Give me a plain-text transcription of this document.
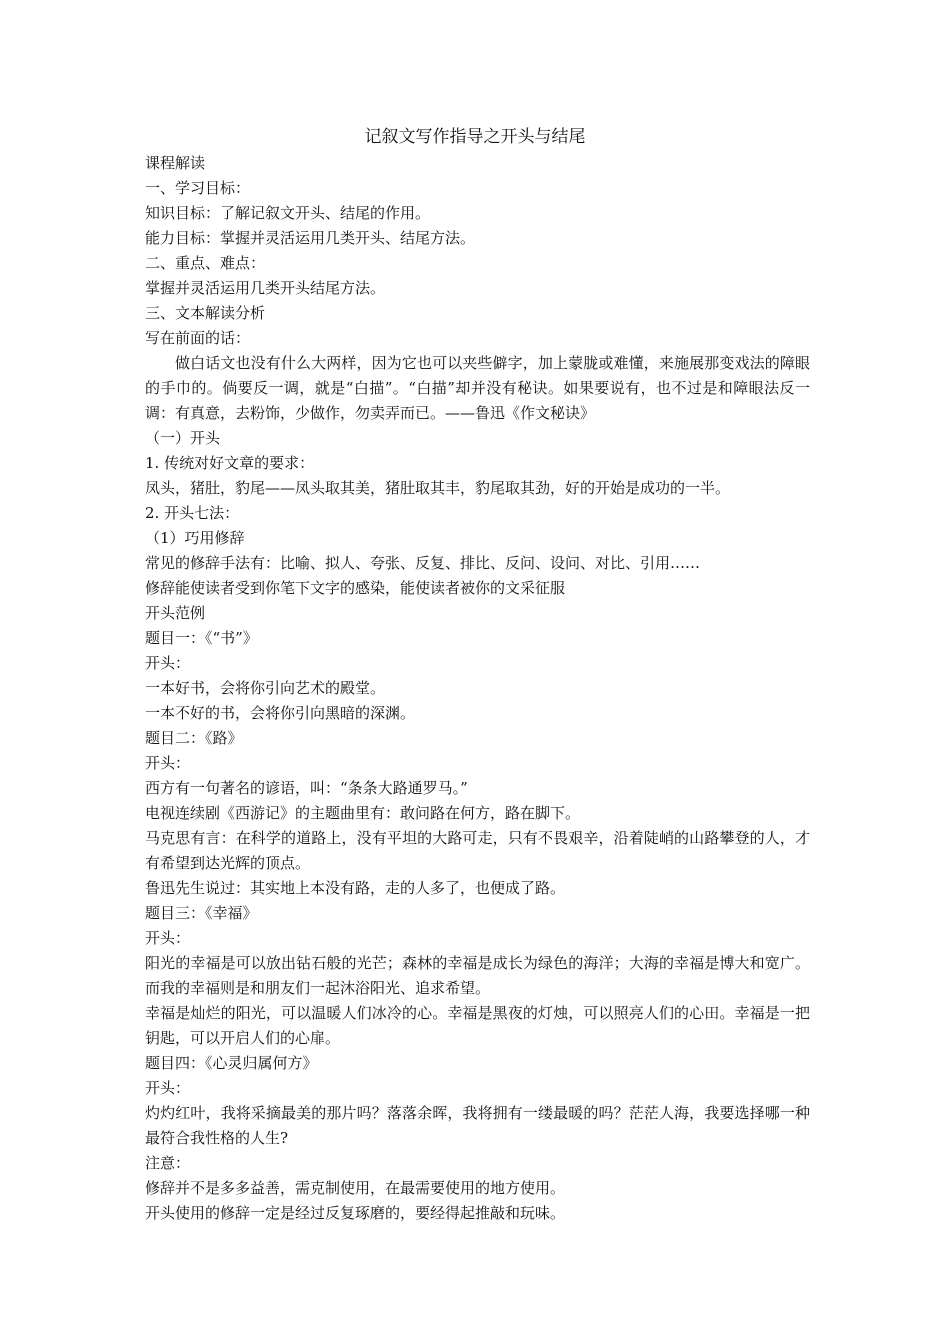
记叙文写作指导之开头与结尾
课程解读
一、学习目标：
知识目标：了解记叙文开头、结尾的作用。
能力目标：掌握并灵活运用几类开头、结尾方法。
二、重点、难点：
掌握并灵活运用几类开头结尾方法。
三、文本解读分析
写在前面的话：
做白话文也没有什么大两样，因为它也可以夹些僻字，加上蒙胧或难懂，来施展那变戏法的障眼的手巾的。倘要反一调，就是“白描”。“白描”却并没有秘诀。如果要说有，也不过是和障眼法反一调：有真意，去粉饰，少做作，勿卖弄而已。——鲁迅《作文秘诀》
（一）开头
1. 传统对好文章的要求：
凤头，猪肚，豹尾——凤头取其美，猪肚取其丰，豹尾取其劲，好的开始是成功的一半。
2. 开头七法：
（1）巧用修辞
常见的修辞手法有：比喻、拟人、夸张、反复、排比、反问、设问、对比、引用……
修辞能使读者受到你笔下文字的感染，能使读者被你的文采征服
开头范例
题目一：《“书”》
开头：
一本好书，会将你引向艺术的殿堂。
一本不好的书，会将你引向黑暗的深渊。
题目二：《路》
开头：
西方有一句著名的谚语，叫：“条条大路通罗马。”
电视连续剧《西游记》的主题曲里有：敢问路在何方，路在脚下。
马克思有言：在科学的道路上，没有平坦的大路可走，只有不畏艰辛，沿着陡峭的山路攀登的人，才有希望到达光辉的顶点。
鲁迅先生说过：其实地上本没有路，走的人多了，也便成了路。
题目三：《幸福》
开头：
阳光的幸福是可以放出钻石般的光芒；森林的幸福是成长为绿色的海洋；大海的幸福是博大和宽广。而我的幸福则是和朋友们一起沐浴阳光、追求希望。
幸福是灿烂的阳光，可以温暖人们冰冷的心。幸福是黑夜的灯烛，可以照亮人们的心田。幸福是一把钥匙，可以开启人们的心扉。
题目四：《心灵归属何方》
开头：
灼灼红叶，我将采摘最美的那片吗？落落余晖，我将拥有一缕最暖的吗？茫茫人海，我要选择哪一种最符合我性格的人生?
注意：
修辞并不是多多益善，需克制使用，在最需要使用的地方使用。
开头使用的修辞一定是经过反复琢磨的，要经得起推敲和玩味。
